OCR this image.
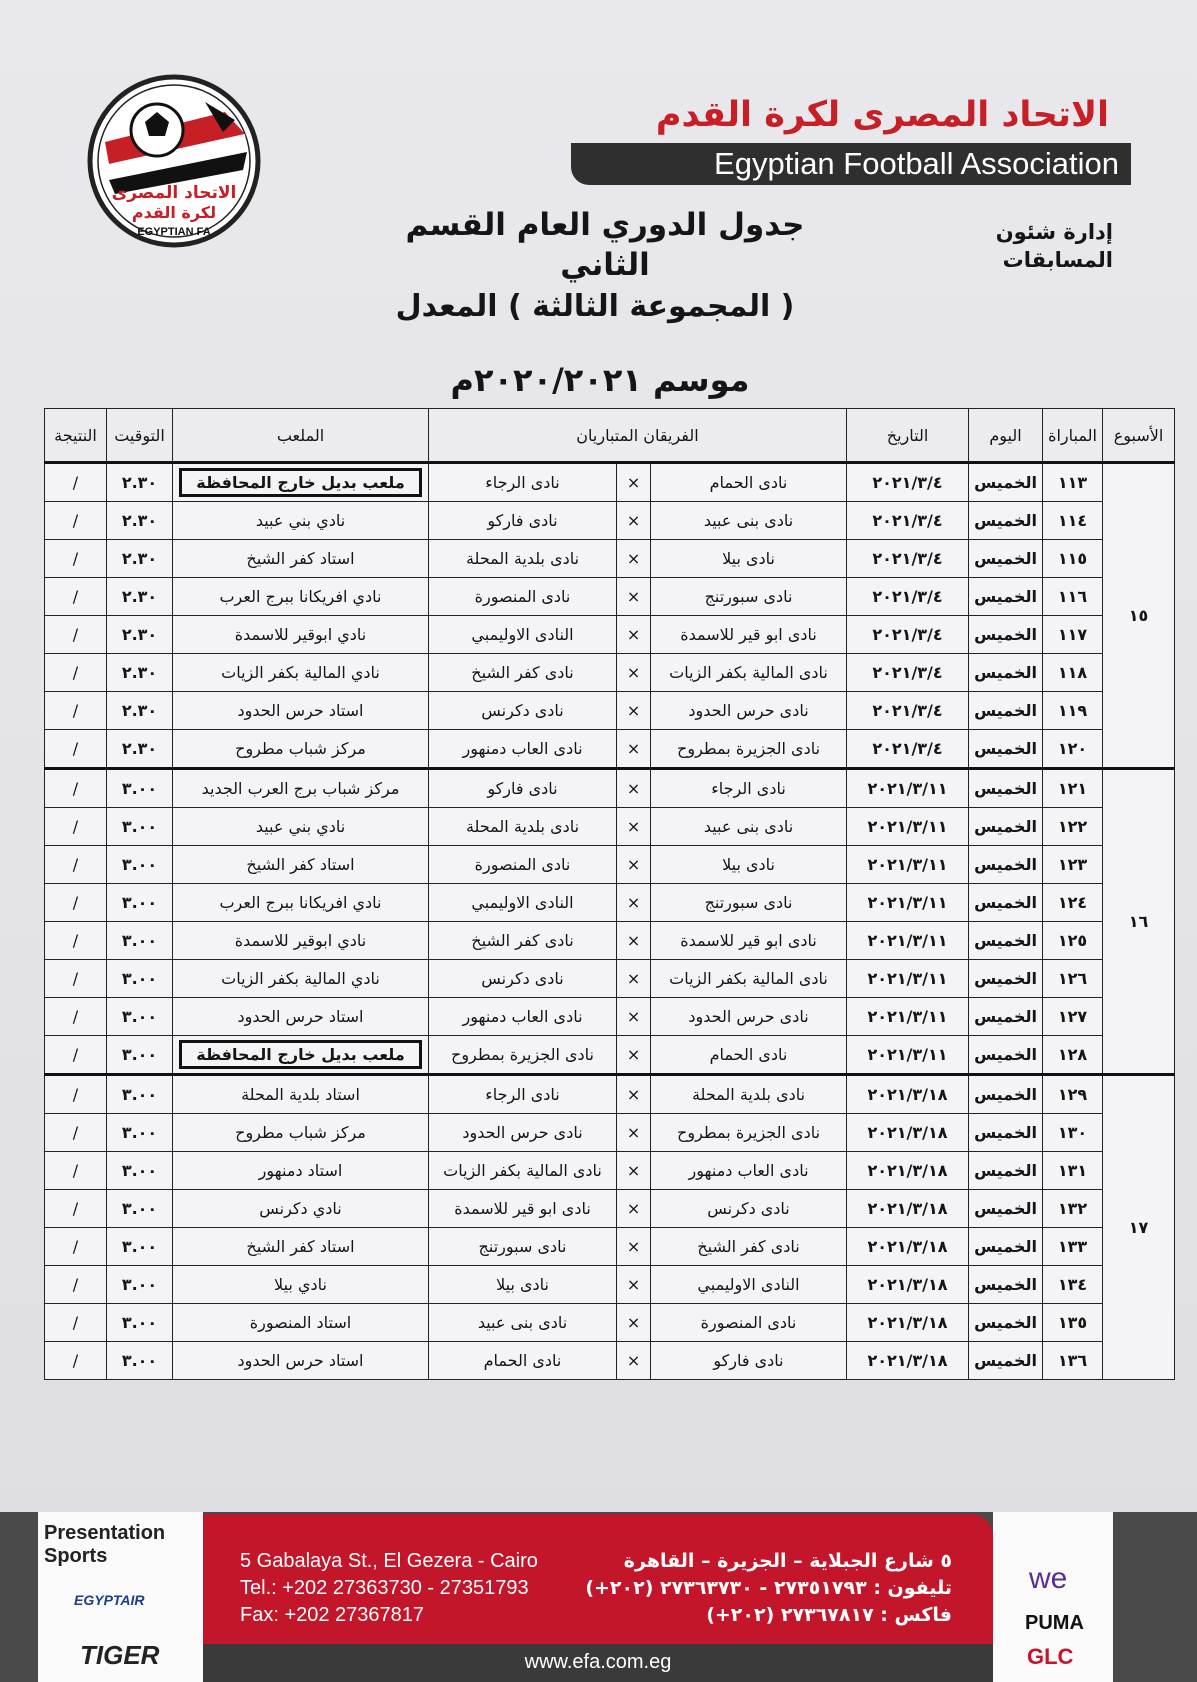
الاتحاد المصرى
لكرة القدم
EGYPTIAN FA
الاتحاد المصرى لكرة القدم
Egyptian Football Association
إدارة شئون المسابقات
جدول الدوري العام القسم الثاني
( المجموعة الثالثة ) المعدل
موسم ٢٠٢٠/٢٠٢١م
الأسبوع	المباراة	اليوم	التاريخ	الفريقان المتباريان			الملعب	التوقيت	النتيجة
١٥	١١٣	الخميس	٢٠٢١/٣/٤	نادى الحمام	×	نادى الرجاء	ملعب بديل خارج المحافظة	٢.٣٠	/
	١١٤	الخميس	٢٠٢١/٣/٤	نادى بنى عبيد	×	نادى فاركو	نادي بني عبيد	٢.٣٠	/
	١١٥	الخميس	٢٠٢١/٣/٤	نادى بيلا	×	نادى بلدية المحلة	استاد كفر الشيخ	٢.٣٠	/
	١١٦	الخميس	٢٠٢١/٣/٤	نادى سبورتنج	×	نادى المنصورة	نادي افريكانا ببرج العرب	٢.٣٠	/
	١١٧	الخميس	٢٠٢١/٣/٤	نادى ابو قير للاسمدة	×	النادى الاوليمبي	نادي ابوقير للاسمدة	٢.٣٠	/
	١١٨	الخميس	٢٠٢١/٣/٤	نادى المالية بكفر الزيات	×	نادى كفر الشيخ	نادي المالية بكفر الزيات	٢.٣٠	/
	١١٩	الخميس	٢٠٢١/٣/٤	نادى حرس الحدود	×	نادى دكرنس	استاد حرس الحدود	٢.٣٠	/
	١٢٠	الخميس	٢٠٢١/٣/٤	نادى الجزيرة بمطروح	×	نادى العاب دمنهور	مركز شباب مطروح	٢.٣٠	/
١٦	١٢١	الخميس	٢٠٢١/٣/١١	نادى الرجاء	×	نادى فاركو	مركز شباب برج العرب الجديد	٣.٠٠	/
	١٢٢	الخميس	٢٠٢١/٣/١١	نادى بنى عبيد	×	نادى بلدية المحلة	نادي بني عبيد	٣.٠٠	/
	١٢٣	الخميس	٢٠٢١/٣/١١	نادى بيلا	×	نادى المنصورة	استاد كفر الشيخ	٣.٠٠	/
	١٢٤	الخميس	٢٠٢١/٣/١١	نادى سبورتنج	×	النادى الاوليمبي	نادي افريكانا ببرج العرب	٣.٠٠	/
	١٢٥	الخميس	٢٠٢١/٣/١١	نادى ابو قير للاسمدة	×	نادى كفر الشيخ	نادي ابوقير للاسمدة	٣.٠٠	/
	١٢٦	الخميس	٢٠٢١/٣/١١	نادى المالية بكفر الزيات	×	نادى دكرنس	نادي المالية بكفر الزيات	٣.٠٠	/
	١٢٧	الخميس	٢٠٢١/٣/١١	نادى حرس الحدود	×	نادى العاب دمنهور	استاد حرس الحدود	٣.٠٠	/
	١٢٨	الخميس	٢٠٢١/٣/١١	نادى الحمام	×	نادى الجزيرة بمطروح	ملعب بديل خارج المحافظة	٣.٠٠	/
١٧	١٢٩	الخميس	٢٠٢١/٣/١٨	نادى بلدية المحلة	×	نادى الرجاء	استاد بلدية المحلة	٣.٠٠	/
	١٣٠	الخميس	٢٠٢١/٣/١٨	نادى الجزيرة بمطروح	×	نادى حرس الحدود	مركز شباب مطروح	٣.٠٠	/
	١٣١	الخميس	٢٠٢١/٣/١٨	نادى العاب دمنهور	×	نادى المالية بكفر الزيات	استاد دمنهور	٣.٠٠	/
	١٣٢	الخميس	٢٠٢١/٣/١٨	نادى دكرنس	×	نادى ابو قير للاسمدة	نادي دكرنس	٣.٠٠	/
	١٣٣	الخميس	٢٠٢١/٣/١٨	نادى كفر الشيخ	×	نادى سبورتنج	استاد كفر الشيخ	٣.٠٠	/
	١٣٤	الخميس	٢٠٢١/٣/١٨	النادى الاوليمبي	×	نادى بيلا	نادي بيلا	٣.٠٠	/
	١٣٥	الخميس	٢٠٢١/٣/١٨	نادى المنصورة	×	نادى بنى عبيد	استاد المنصورة	٣.٠٠	/
	١٣٦	الخميس	٢٠٢١/٣/١٨	نادى فاركو	×	نادى الحمام	استاد حرس الحدود	٣.٠٠	/
Presentation Sports
EGYPTAIR
TIGER
5 Gabalaya St., El Gezera - Cairo
Tel.: +202 27363730 - 27351793
Fax: +202 27367817
٥ شارع الجبلاية – الجزيرة – القاهرة
تليفون : ٢٧٣٥١٧٩٣ - ٢٧٣٦٣٧٣٠ (٢٠٢+)
فاكس : ٢٧٣٦٧٨١٧ (٢٠٢+)
www.efa.com.eg
we
PUMA
GLC
